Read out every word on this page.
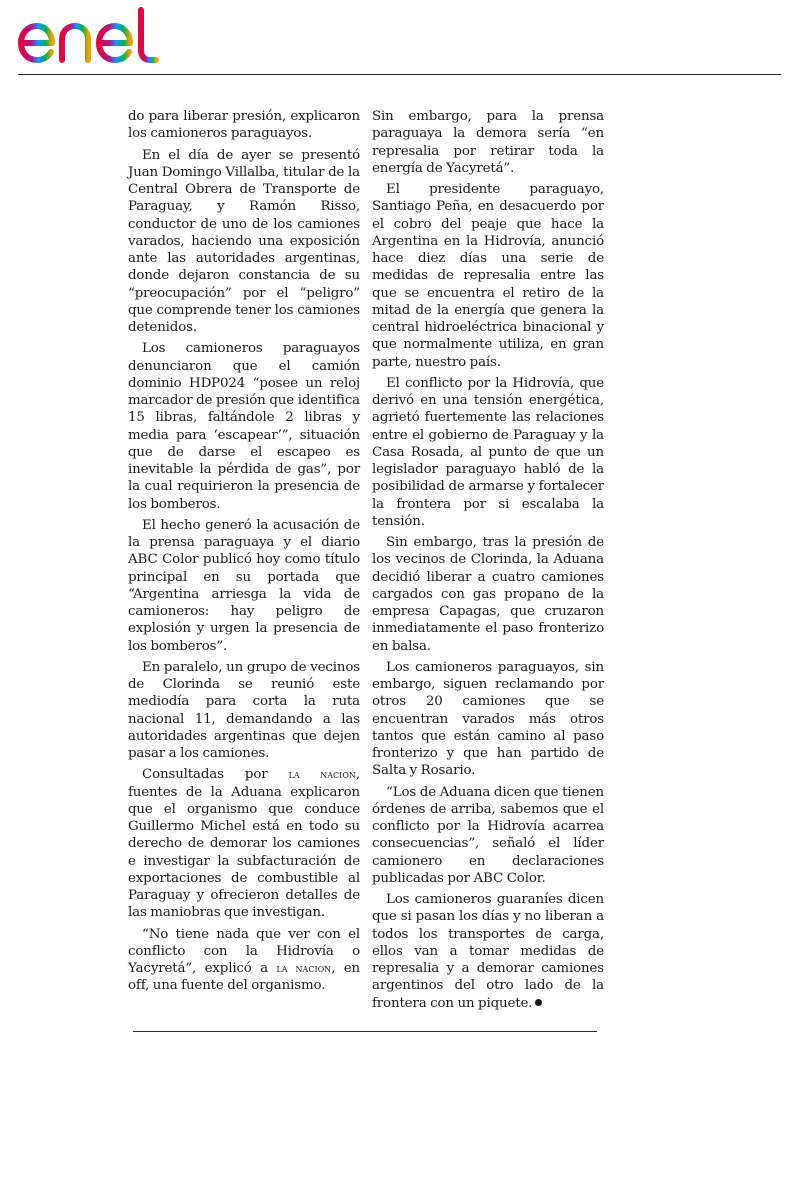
do para liberar presión, explicaron los camioneros paraguayos.

En el día de ayer se presentó Juan Domingo Villalba, titular de la Central Obrera de Transporte de Paraguay, y Ramón Risso, conductor de uno de los camiones varados, haciendo una exposición ante las autoridades argentinas, donde dejaron constancia de su “preocupación” por el “peligro” que comprende tener los camiones detenidos.

Los camioneros paraguayos denunciaron que el camión dominio HDP024 “posee un reloj marcador de presión que identifica 15 libras, faltándole 2 libras y media para ‘escapear’”, situación que de darse el escapeo es inevitable la pérdida de gas”, por la cual requirieron la presencia de los bomberos.

El hecho generó la acusación de la prensa paraguaya y el diario ABC Color publicó hoy como título principal en su portada que “Argentina arriesga la vida de camioneros: hay peligro de explosión y urgen la presencia de los bomberos”.

En paralelo, un grupo de vecinos de Clorinda se reunió este mediodía para corta la ruta nacional 11, demandando a las autoridades argentinas que dejen pasar a los camiones.

Consultadas por la nacion, fuentes de la Aduana explicaron que el organismo que conduce Guillermo Michel está en todo su derecho de demorar los camiones e investigar la subfacturación de exportaciones de combustible al Paraguay y ofrecieron detalles de las maniobras que investigan.

“No tiene nada que ver con el conflicto con la Hidrovía o Yacyretá”, explicó a la nacion, en off, una fuente del organismo.

Sin embargo, para la prensa paraguaya la demora sería “en represalia por retirar toda la energía de Yacyretá”.

El presidente paraguayo, Santiago Peña, en desacuerdo por el cobro del peaje que hace la Argentina en la Hidrovía, anunció hace diez días una serie de medidas de represalia entre las que se encuentra el retiro de la mitad de la energía que genera la central hidroeléctrica binacional y que normalmente utiliza, en gran parte, nuestro país.

El conflicto por la Hidrovía, que derivó en una tensión energética, agrietó fuertemente las relaciones entre el gobierno de Paraguay y la Casa Rosada, al punto de que un legislador paraguayo habló de la posibilidad de armarse y fortalecer la frontera por si escalaba la tensión.

Sin embargo, tras la presión de los vecinos de Clorinda, la Aduana decidió liberar a cuatro camiones cargados con gas propano de la empresa Capagas, que cruzaron inmediatamente el paso fronterizo en balsa.

Los camioneros paraguayos, sin embargo, siguen reclamando por otros 20 camiones que se encuentran varados más otros tantos que están camino al paso fronterizo y que han partido de Salta y Rosario.

“Los de Aduana dicen que tienen órdenes de arriba, sabemos que el conflicto por la Hidrovía acarrea consecuencias”, señaló el líder camionero en declaraciones publicadas por ABC Color.

Los camioneros guaraníes dicen que si pasan los días y no liberan a todos los transportes de carga, ellos van a tomar medidas de represalia y a demorar camiones argentinos del otro lado de la frontera con un piquete.
